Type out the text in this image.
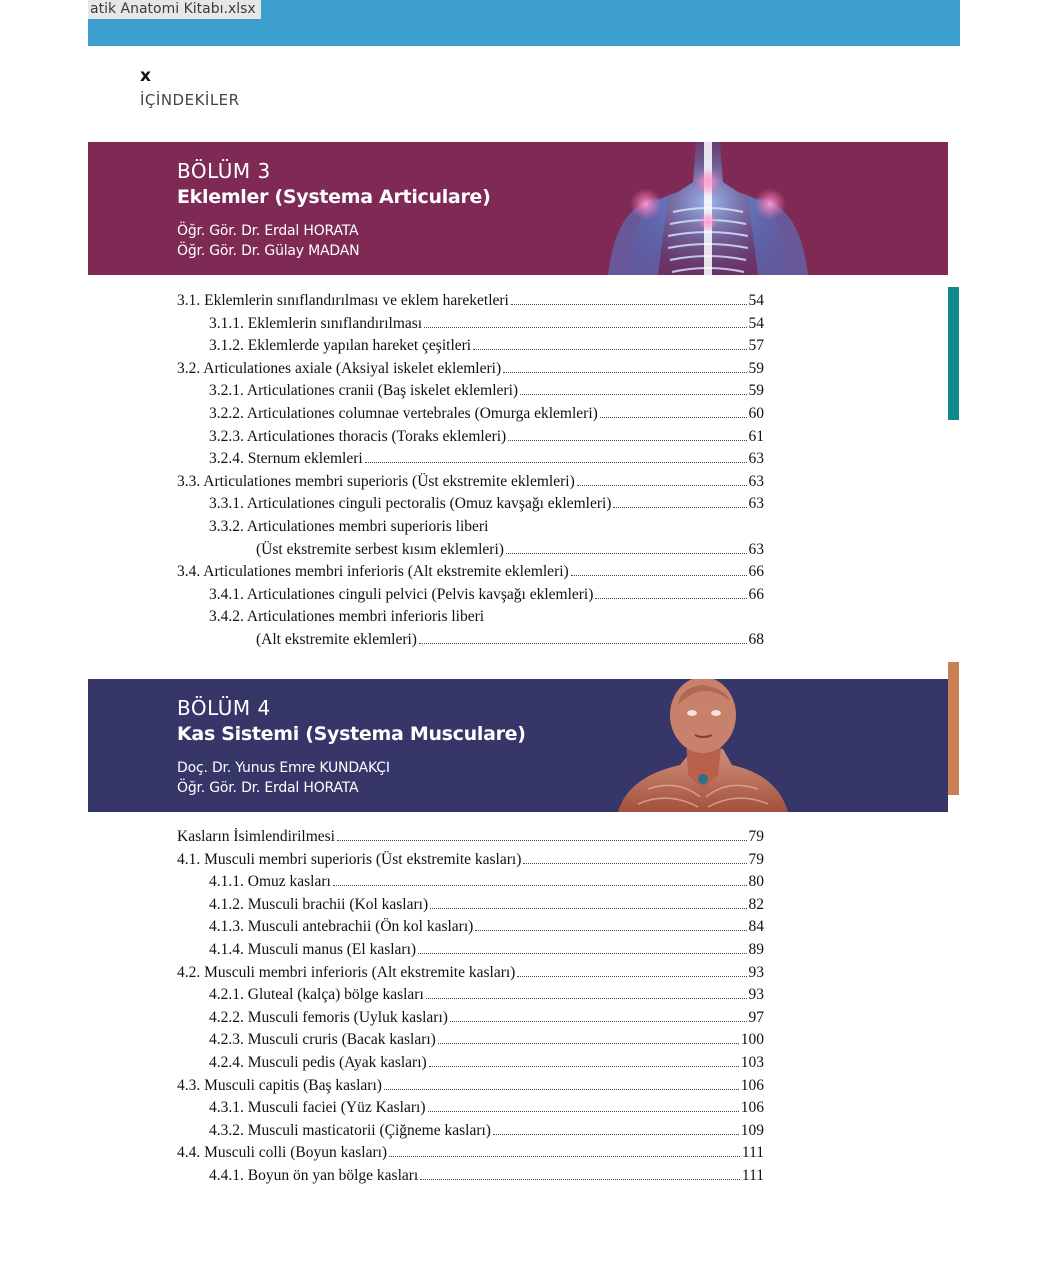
atik Anatomi Kitabı.xlsx
x
İÇİNDEKİLER
BÖLÜM 3
Eklemler (Systema Articulare)
Öğr. Gör. Dr. Erdal HORATA
Öğr. Gör. Dr. Gülay MADAN
3.1. Eklemlerin sınıflandırılması ve eklem hareketleri	54
3.1.1. Eklemlerin sınıflandırılması	54
3.1.2. Eklemlerde yapılan hareket çeşitleri	57
3.2. Articulationes axiale (Aksiyal iskelet eklemleri)	59
3.2.1. Articulationes cranii (Baş iskelet eklemleri)	59
3.2.2. Articulationes columnae vertebrales (Omurga eklemleri)	60
3.2.3. Articulationes thoracis (Toraks eklemleri)	61
3.2.4. Sternum eklemleri	63
3.3. Articulationes membri superioris (Üst ekstremite eklemleri)	63
3.3.1. Articulationes cinguli pectoralis (Omuz kavşağı eklemleri)	63
3.3.2. Articulationes membri superioris liberi
(Üst ekstremite serbest kısım eklemleri)	63
3.4. Articulationes membri inferioris (Alt ekstremite eklemleri)	66
3.4.1. Articulationes cinguli pelvici (Pelvis kavşağı eklemleri)	66
3.4.2. Articulationes membri inferioris liberi
(Alt ekstremite eklemleri)	68
BÖLÜM 4
Kas Sistemi (Systema Musculare)
Doç. Dr. Yunus Emre KUNDAKÇI
Öğr. Gör. Dr. Erdal HORATA
Kasların İsimlendirilmesi	79
4.1. Musculi membri superioris (Üst ekstremite kasları)	79
4.1.1. Omuz kasları	80
4.1.2. Musculi brachii (Kol kasları)	82
4.1.3. Musculi antebrachii (Ön kol kasları)	84
4.1.4. Musculi manus (El kasları)	89
4.2. Musculi membri inferioris (Alt ekstremite kasları)	93
4.2.1. Gluteal (kalça) bölge kasları	93
4.2.2. Musculi femoris (Uyluk kasları)	97
4.2.3. Musculi cruris (Bacak kasları)	100
4.2.4. Musculi pedis (Ayak kasları)	103
4.3. Musculi capitis (Baş kasları)	106
4.3.1. Musculi faciei (Yüz Kasları)	106
4.3.2. Musculi masticatorii (Çiğneme kasları)	109
4.4. Musculi colli (Boyun kasları)	111
4.4.1. Boyun ön yan bölge kasları	111
